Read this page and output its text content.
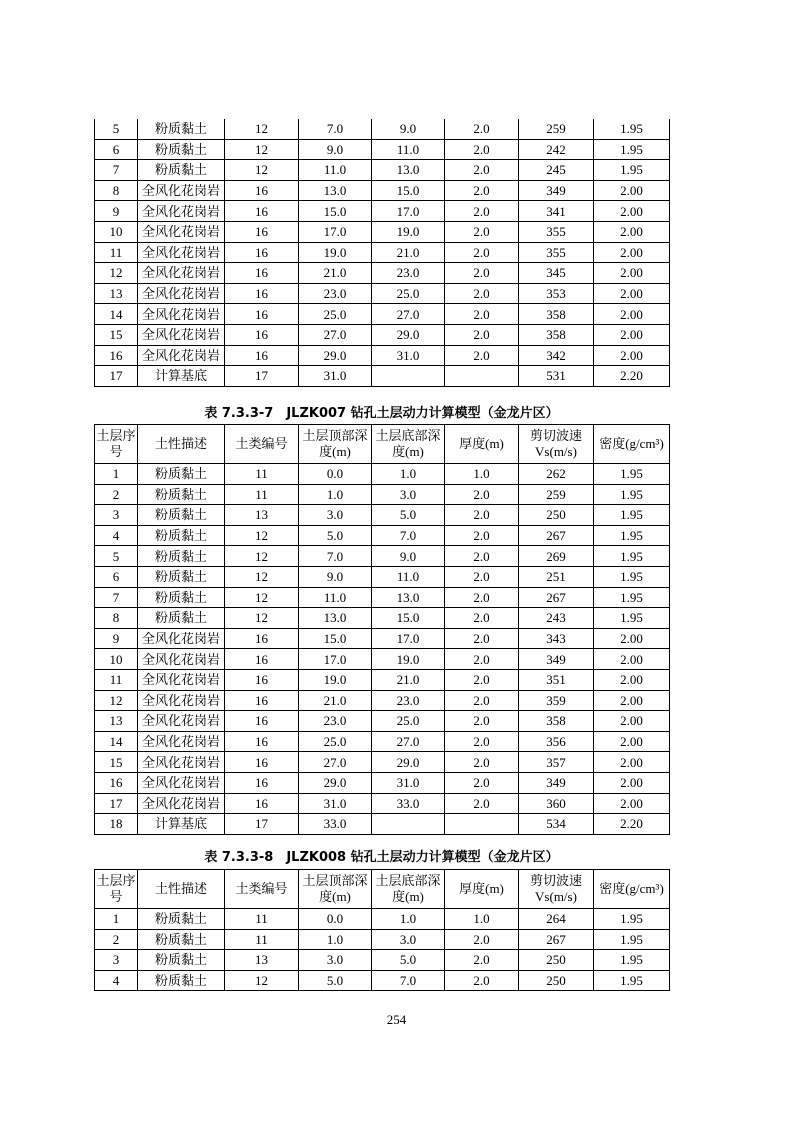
5	粉质黏土	12	7.0	9.0	2.0	259	1.95
6	粉质黏土	12	9.0	11.0	2.0	242	1.95
7	粉质黏土	12	11.0	13.0	2.0	245	1.95
8	全风化花岗岩	16	13.0	15.0	2.0	349	2.00
9	全风化花岗岩	16	15.0	17.0	2.0	341	2.00
10	全风化花岗岩	16	17.0	19.0	2.0	355	2.00
11	全风化花岗岩	16	19.0	21.0	2.0	355	2.00
12	全风化花岗岩	16	21.0	23.0	2.0	345	2.00
13	全风化花岗岩	16	23.0	25.0	2.0	353	2.00
14	全风化花岗岩	16	25.0	27.0	2.0	358	2.00
15	全风化花岗岩	16	27.0	29.0	2.0	358	2.00
16	全风化花岗岩	16	29.0	31.0	2.0	342	2.00
17	计算基底	17	31.0			531	2.20
表 7.3.3-7　JLZK007 钻孔土层动力计算模型（金龙片区）
土层序号	土性描述	土类编号	土层顶部深度(m)	土层底部深度(m)	厚度(m)	剪切波速Vs(m/s)	密度(g/cm³)
1	粉质黏土	11	0.0	1.0	1.0	262	1.95
2	粉质黏土	11	1.0	3.0	2.0	259	1.95
3	粉质黏土	13	3.0	5.0	2.0	250	1.95
4	粉质黏土	12	5.0	7.0	2.0	267	1.95
5	粉质黏土	12	7.0	9.0	2.0	269	1.95
6	粉质黏土	12	9.0	11.0	2.0	251	1.95
7	粉质黏土	12	11.0	13.0	2.0	267	1.95
8	粉质黏土	12	13.0	15.0	2.0	243	1.95
9	全风化花岗岩	16	15.0	17.0	2.0	343	2.00
10	全风化花岗岩	16	17.0	19.0	2.0	349	2.00
11	全风化花岗岩	16	19.0	21.0	2.0	351	2.00
12	全风化花岗岩	16	21.0	23.0	2.0	359	2.00
13	全风化花岗岩	16	23.0	25.0	2.0	358	2.00
14	全风化花岗岩	16	25.0	27.0	2.0	356	2.00
15	全风化花岗岩	16	27.0	29.0	2.0	357	2.00
16	全风化花岗岩	16	29.0	31.0	2.0	349	2.00
17	全风化花岗岩	16	31.0	33.0	2.0	360	2.00
18	计算基底	17	33.0			534	2.20
表 7.3.3-8　JLZK008 钻孔土层动力计算模型（金龙片区）
土层序号	土性描述	土类编号	土层顶部深度(m)	土层底部深度(m)	厚度(m)	剪切波速Vs(m/s)	密度(g/cm³)
1	粉质黏土	11	0.0	1.0	1.0	264	1.95
2	粉质黏土	11	1.0	3.0	2.0	267	1.95
3	粉质黏土	13	3.0	5.0	2.0	250	1.95
4	粉质黏土	12	5.0	7.0	2.0	250	1.95
254
